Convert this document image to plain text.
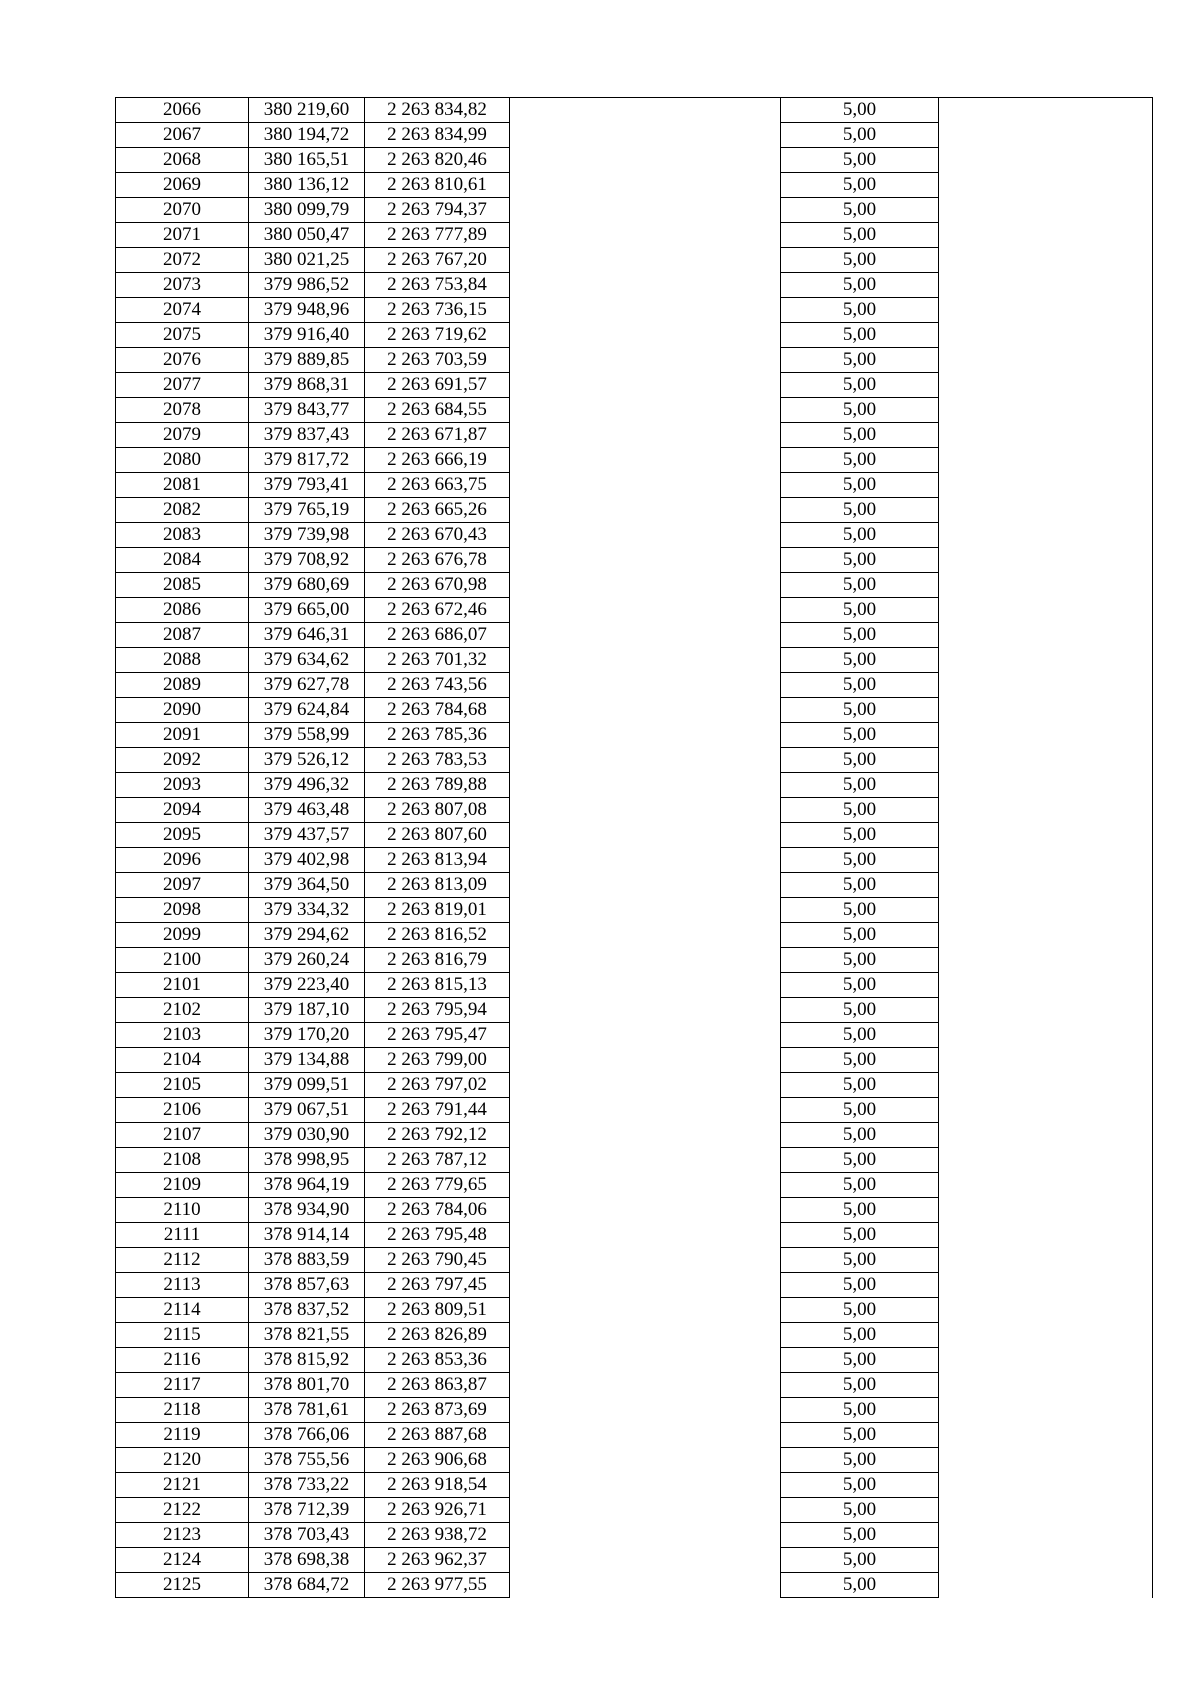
2066	380 219,60	2 263 834,82		5,00
2067	380 194,72	2 263 834,99		5,00
2068	380 165,51	2 263 820,46		5,00
2069	380 136,12	2 263 810,61		5,00
2070	380 099,79	2 263 794,37		5,00
2071	380 050,47	2 263 777,89		5,00
2072	380 021,25	2 263 767,20		5,00
2073	379 986,52	2 263 753,84		5,00
2074	379 948,96	2 263 736,15		5,00
2075	379 916,40	2 263 719,62		5,00
2076	379 889,85	2 263 703,59		5,00
2077	379 868,31	2 263 691,57		5,00
2078	379 843,77	2 263 684,55		5,00
2079	379 837,43	2 263 671,87		5,00
2080	379 817,72	2 263 666,19		5,00
2081	379 793,41	2 263 663,75		5,00
2082	379 765,19	2 263 665,26		5,00
2083	379 739,98	2 263 670,43		5,00
2084	379 708,92	2 263 676,78		5,00
2085	379 680,69	2 263 670,98		5,00
2086	379 665,00	2 263 672,46		5,00
2087	379 646,31	2 263 686,07		5,00
2088	379 634,62	2 263 701,32		5,00
2089	379 627,78	2 263 743,56		5,00
2090	379 624,84	2 263 784,68		5,00
2091	379 558,99	2 263 785,36		5,00
2092	379 526,12	2 263 783,53		5,00
2093	379 496,32	2 263 789,88		5,00
2094	379 463,48	2 263 807,08		5,00
2095	379 437,57	2 263 807,60		5,00
2096	379 402,98	2 263 813,94		5,00
2097	379 364,50	2 263 813,09		5,00
2098	379 334,32	2 263 819,01		5,00
2099	379 294,62	2 263 816,52		5,00
2100	379 260,24	2 263 816,79		5,00
2101	379 223,40	2 263 815,13		5,00
2102	379 187,10	2 263 795,94		5,00
2103	379 170,20	2 263 795,47		5,00
2104	379 134,88	2 263 799,00		5,00
2105	379 099,51	2 263 797,02		5,00
2106	379 067,51	2 263 791,44		5,00
2107	379 030,90	2 263 792,12		5,00
2108	378 998,95	2 263 787,12		5,00
2109	378 964,19	2 263 779,65		5,00
2110	378 934,90	2 263 784,06		5,00
2111	378 914,14	2 263 795,48		5,00
2112	378 883,59	2 263 790,45		5,00
2113	378 857,63	2 263 797,45		5,00
2114	378 837,52	2 263 809,51		5,00
2115	378 821,55	2 263 826,89		5,00
2116	378 815,92	2 263 853,36		5,00
2117	378 801,70	2 263 863,87		5,00
2118	378 781,61	2 263 873,69		5,00
2119	378 766,06	2 263 887,68		5,00
2120	378 755,56	2 263 906,68		5,00
2121	378 733,22	2 263 918,54		5,00
2122	378 712,39	2 263 926,71		5,00
2123	378 703,43	2 263 938,72		5,00
2124	378 698,38	2 263 962,37		5,00
2125	378 684,72	2 263 977,55		5,00
